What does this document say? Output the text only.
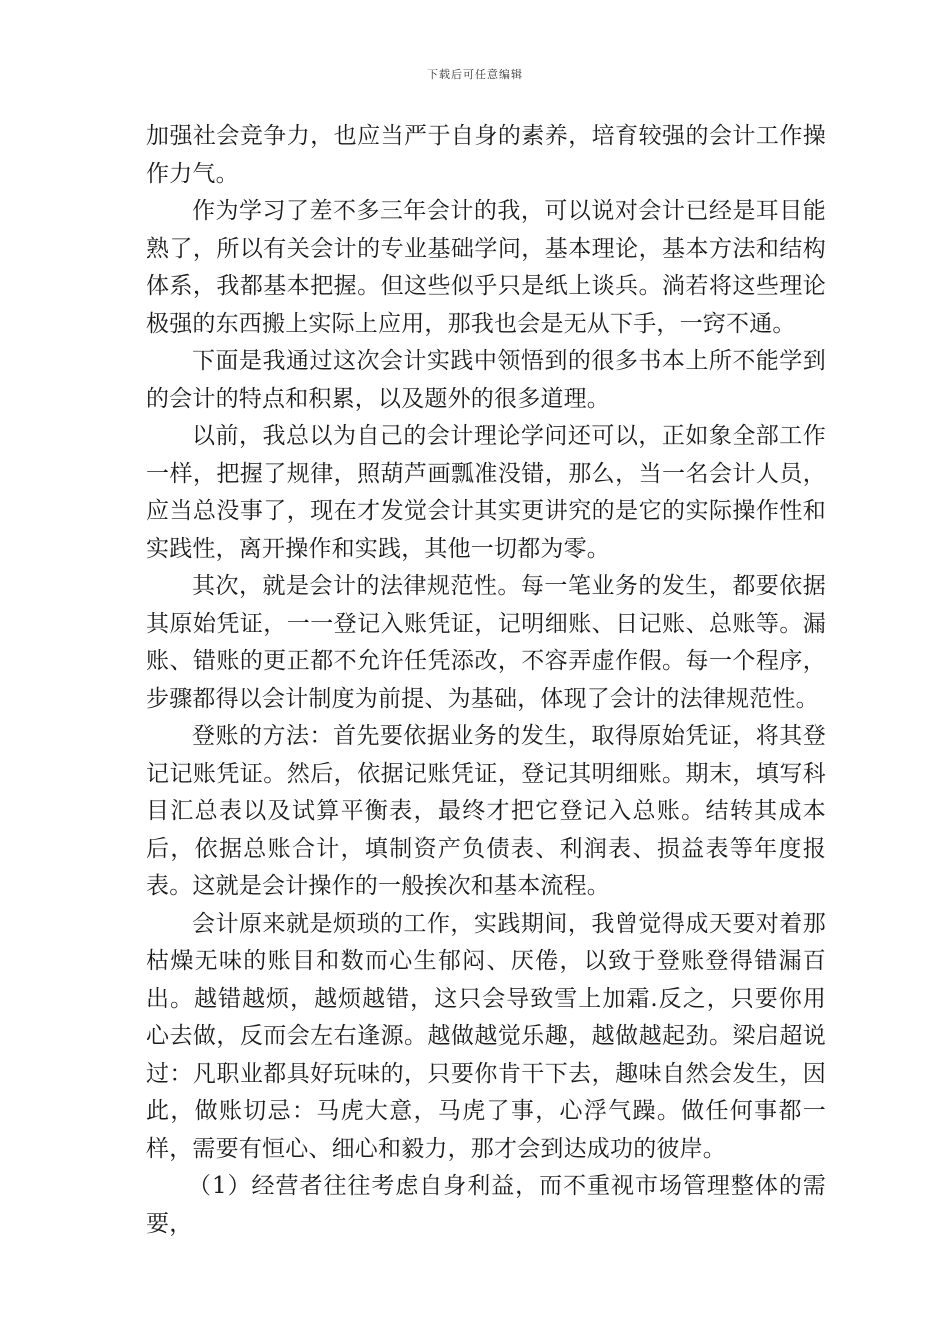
下载后可任意编辑

加强社会竞争力，也应当严于自身的素养，培育较强的会计工作操作力气。

作为学习了差不多三年会计的我，可以说对会计已经是耳目能熟了，所以有关会计的专业基础学问，基本理论，基本方法和结构体系，我都基本把握。但这些似乎只是纸上谈兵。淌若将这些理论极强的东西搬上实际上应用，那我也会是无从下手，一窍不通。

下面是我通过这次会计实践中领悟到的很多书本上所不能学到的会计的特点和积累，以及题外的很多道理。

以前，我总以为自己的会计理论学问还可以，正如象全部工作一样，把握了规律，照葫芦画瓢准没错，那么，当一名会计人员，应当总没事了，现在才发觉会计其实更讲究的是它的实际操作性和实践性，离开操作和实践，其他一切都为零。

其次，就是会计的法律规范性。每一笔业务的发生，都要依据其原始凭证，一一登记入账凭证，记明细账、日记账、总账等。漏账、错账的更正都不允许任凭添改，不容弄虚作假。每一个程序，步骤都得以会计制度为前提、为基础，体现了会计的法律规范性。

登账的方法：首先要依据业务的发生，取得原始凭证，将其登记记账凭证。然后，依据记账凭证，登记其明细账。期末，填写科目汇总表以及试算平衡表，最终才把它登记入总账。结转其成本后，依据总账合计，填制资产负债表、利润表、损益表等年度报表。这就是会计操作的一般挨次和基本流程。

会计原来就是烦琐的工作，实践期间，我曾觉得成天要对着那枯燥无味的账目和数而心生郁闷、厌倦，以致于登账登得错漏百出。越错越烦，越烦越错，这只会导致雪上加霜.反之，只要你用心去做，反而会左右逢源。越做越觉乐趣，越做越起劲。梁启超说过：凡职业都具好玩味的，只要你肯干下去，趣味自然会发生，因此，做账切忌：马虎大意，马虎了事，心浮气躁。做任何事都一样，需要有恒心、细心和毅力，那才会到达成功的彼岸。

（1）经营者往往考虑自身利益，而不重视市场管理整体的需要，
